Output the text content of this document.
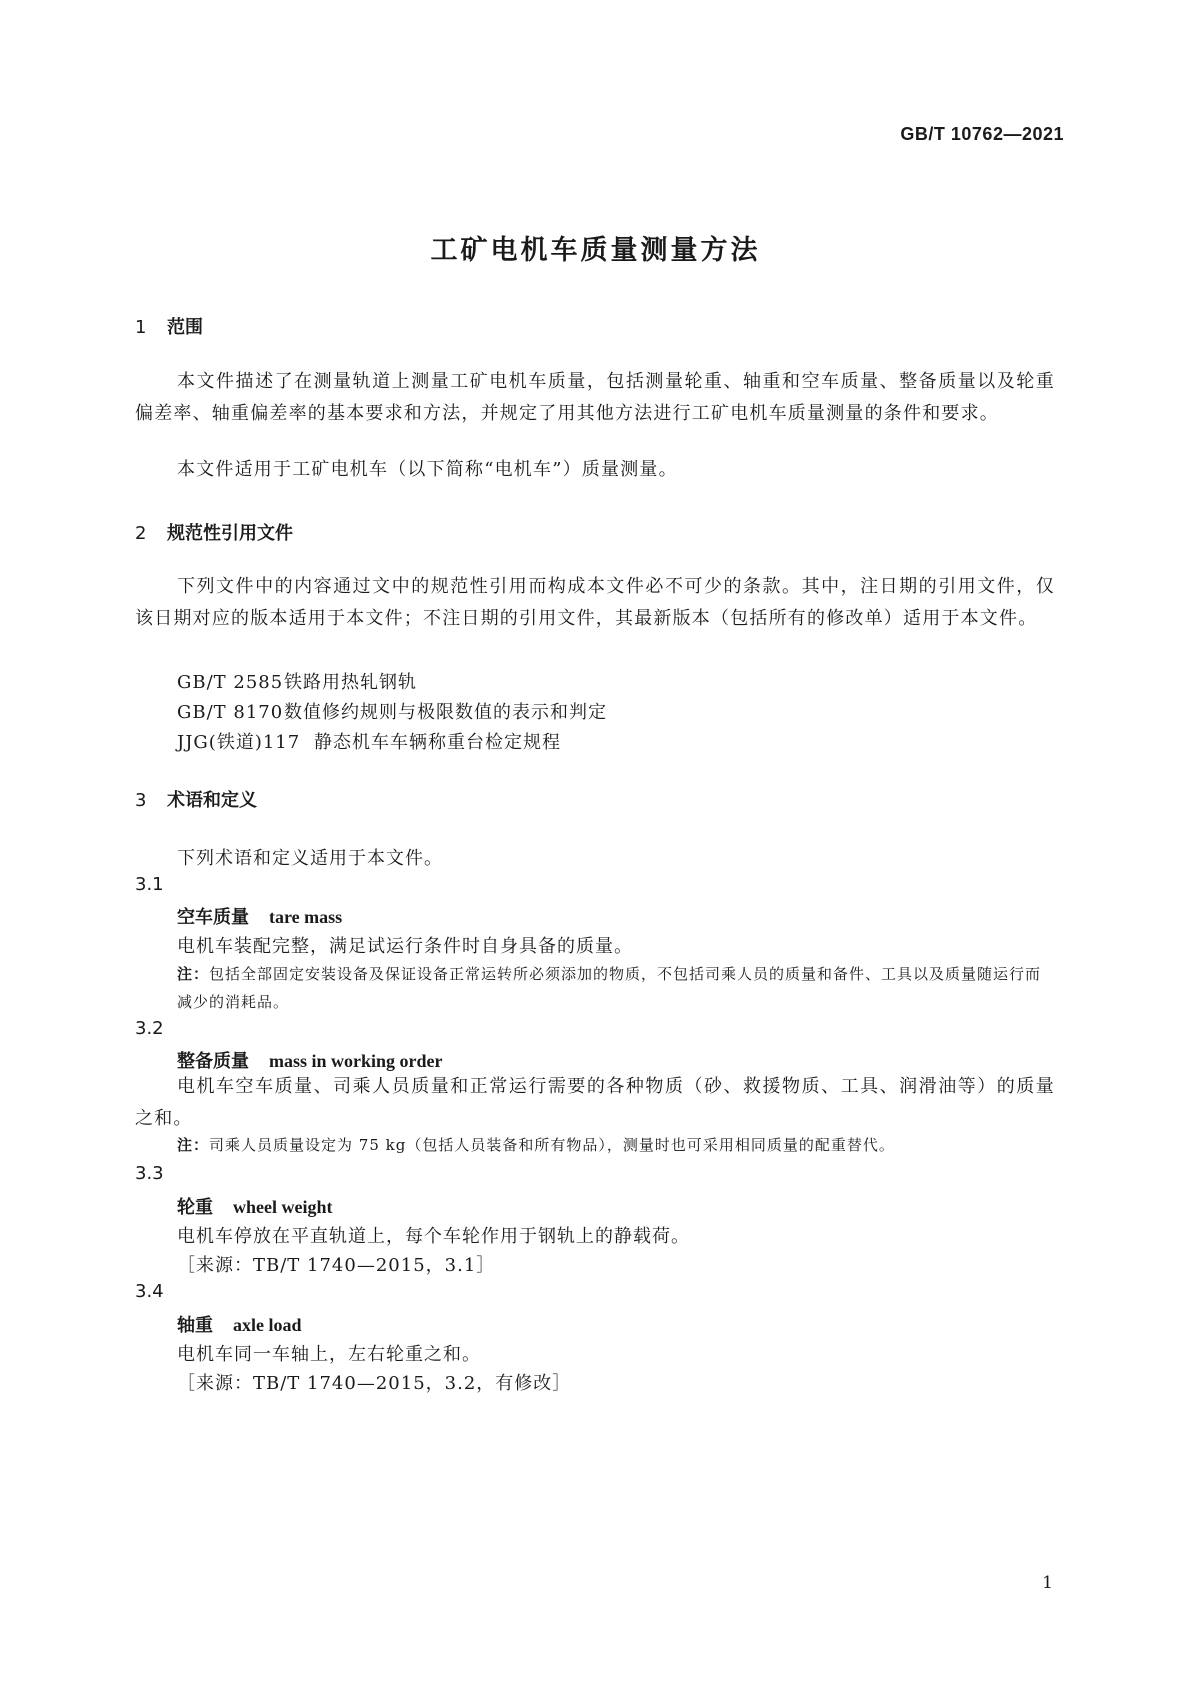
GB/T 10762—2021
工矿电机车质量测量方法
1 范围
本文件描述了在测量轨道上测量工矿电机车质量，包括测量轮重、轴重和空车质量、整备质量以及轮重偏差率、轴重偏差率的基本要求和方法，并规定了用其他方法进行工矿电机车质量测量的条件和要求。
本文件适用于工矿电机车（以下简称“电机车”）质量测量。
2 规范性引用文件
下列文件中的内容通过文中的规范性引用而构成本文件必不可少的条款。其中，注日期的引用文件，仅该日期对应的版本适用于本文件；不注日期的引用文件，其最新版本（包括所有的修改单）适用于本文件。
GB/T 2585铁路用热轧钢轨
GB/T 8170数值修约规则与极限数值的表示和判定
JJG(铁道)117 静态机车车辆称重台检定规程
3 术语和定义
下列术语和定义适用于本文件。
3.1
空车质量 tare mass
电机车装配完整，满足试运行条件时自身具备的质量。
注：包括全部固定安装设备及保证设备正常运转所必须添加的物质，不包括司乘人员的质量和备件、工具以及质量随运行而减少的消耗品。
3.2
整备质量 mass in working order
电机车空车质量、司乘人员质量和正常运行需要的各种物质（砂、救援物质、工具、润滑油等）的质量之和。
注：司乘人员质量设定为 75 kg（包括人员装备和所有物品），测量时也可采用相同质量的配重替代。
3.3
轮重 wheel weight
电机车停放在平直轨道上，每个车轮作用于钢轨上的静载荷。
［来源：TB/T 1740—2015，3.1］
3.4
轴重 axle load
电机车同一车轴上，左右轮重之和。
［来源：TB/T 1740—2015，3.2，有修改］
1
